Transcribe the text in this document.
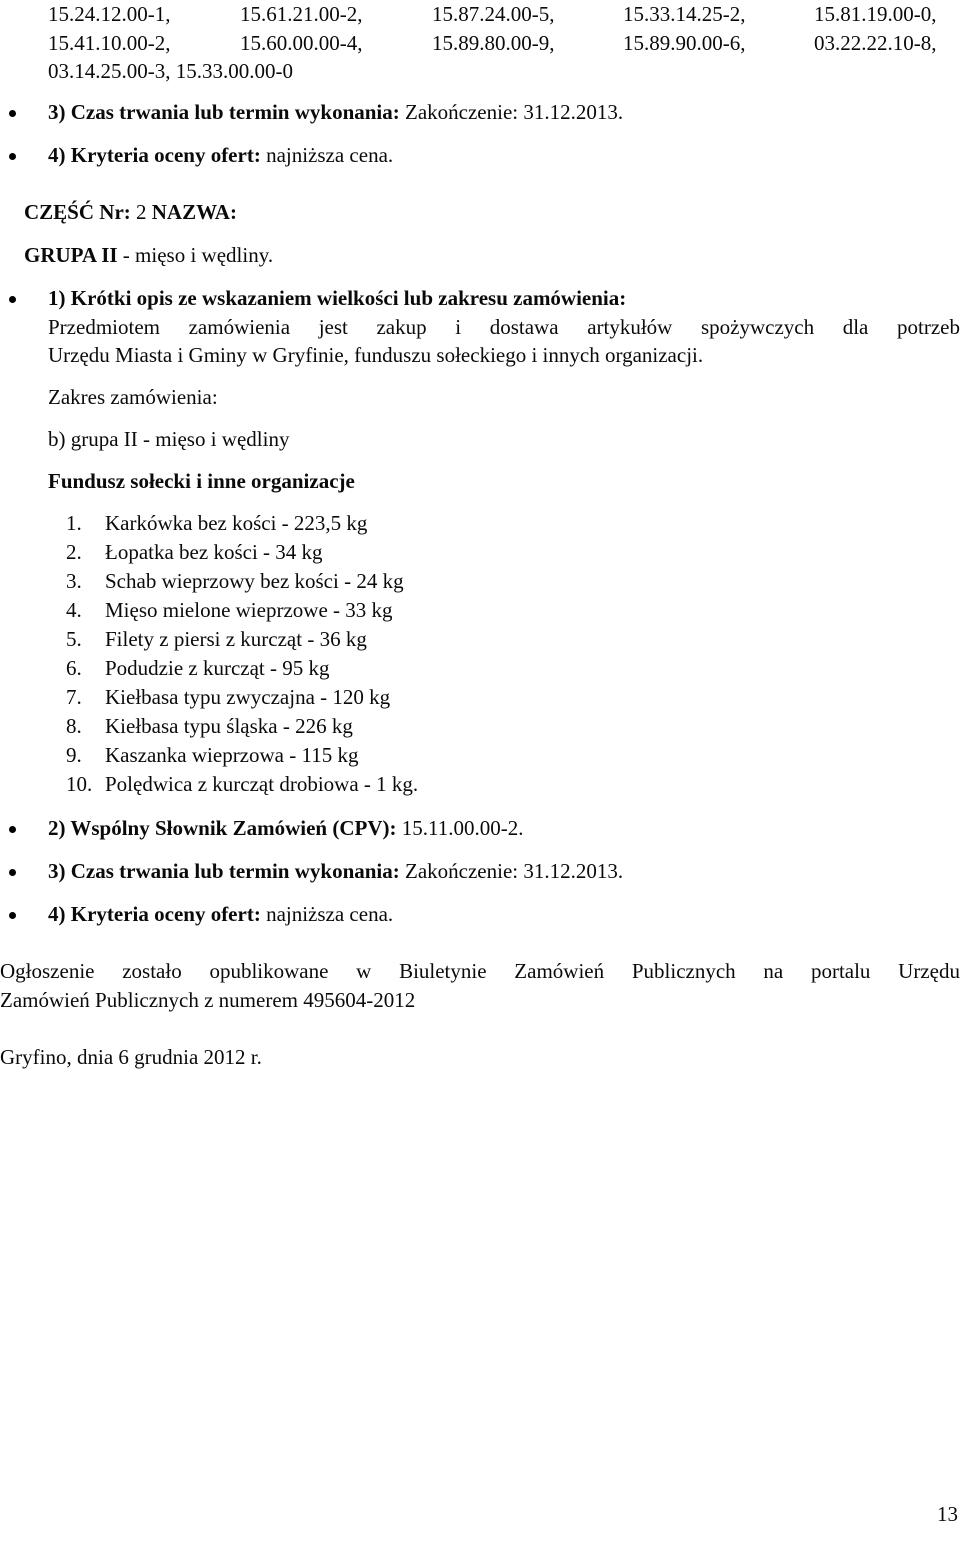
15.24.12.00-1,	15.61.21.00-2,	15.87.24.00-5,	15.33.14.25-2,	15.81.19.00-0,
15.41.10.00-2,	15.60.00.00-4,	15.89.80.00-9,	15.89.90.00-6,	03.22.22.10-8,
03.14.25.00-3, 15.33.00.00-0
3) Czas trwania lub termin wykonania: Zakończenie: 31.12.2013.
4) Kryteria oceny ofert: najniższa cena.
CZĘŚĆ Nr: 2 NAZWA:
GRUPA II - mięso i wędliny.
1) Krótki opis ze wskazaniem wielkości lub zakresu zamówienia:
Przedmiotem zamówienia jest zakup i dostawa artykułów spożywczych dla potrzeb
Urzędu Miasta i Gminy w Gryfinie, funduszu sołeckiego i innych organizacji.
Zakres zamówienia:
b) grupa II - mięso i wędliny
Fundusz sołecki i inne organizacje
1. Karkówka bez kości - 223,5 kg
2. Łopatka bez kości - 34 kg
3. Schab wieprzowy bez kości - 24 kg
4. Mięso mielone wieprzowe - 33 kg
5. Filety z piersi z kurcząt - 36 kg
6. Podudzie z kurcząt - 95 kg
7. Kiełbasa typu zwyczajna - 120 kg
8. Kiełbasa typu śląska - 226 kg
9. Kaszanka wieprzowa - 115 kg
10. Polędwica z kurcząt drobiowa - 1 kg.
2) Wspólny Słownik Zamówień (CPV): 15.11.00.00-2.
3) Czas trwania lub termin wykonania: Zakończenie: 31.12.2013.
4) Kryteria oceny ofert: najniższa cena.
Ogłoszenie zostało opublikowane w Biuletynie Zamówień Publicznych na portalu Urzędu
Zamówień Publicznych z numerem 495604-2012
Gryfino, dnia 6 grudnia 2012 r.
13
